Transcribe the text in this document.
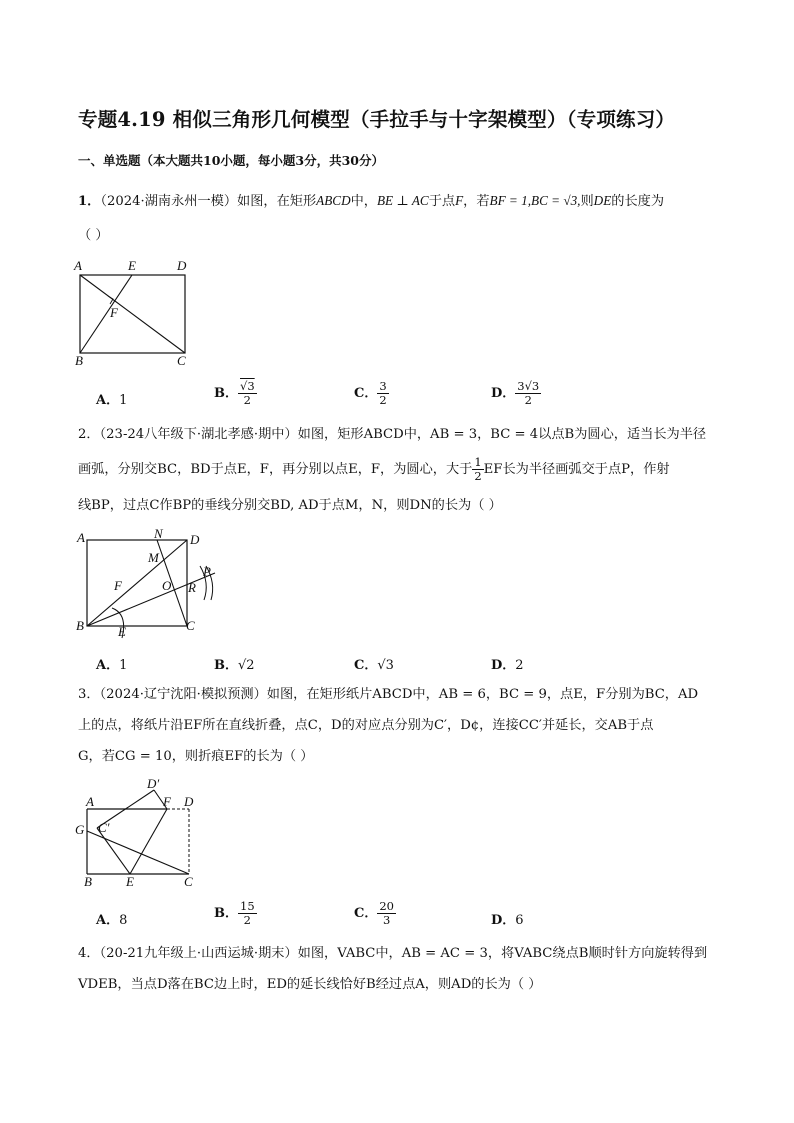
专题4.19 相似三角形几何模型（手拉手与十字架模型）（专项练习）
一、单选题（本大题共10小题，每小题3分，共30分）
1．（2024·湖南永州一模）如图，在矩形ABCD中，BE ⊥ AC于点F，若BF = 1,BC = √3,则DE的长度为
（ ）
A	E	D
F
B	C
A．1	B． $\frac{√3}{2}$	C． $\frac{3}{2}$	D． $\frac{3√3}{2}$
2．（23-24八年级下·湖北孝感·期中）如图，矩形ABCD中，AB = 3，BC = 4以点B为圆心，适当长为半径
画弧，分别交BC，BD于点E，F，再分别以点E，F，为圆心，大于 $\frac{1}{2}$ EF长为半径画弧交于点P，作射
线BP，过点C作BP的垂线分别交BD, AD于点M，N，则DN的长为（ ）
A	N D
M
F	O
P
R
B	E	C
A．1	B．√2	C．√3	D．2
3．（2024·辽宁沈阳·模拟预测）如图，在矩形纸片ABCD中，AB = 6，BC = 9，点E，F分别为BC，AD
上的点，将纸片沿EF所在直线折叠，点C，D的对应点分别为C′，D¢，连接CC′并延长，交AB于点
G，若CG = 10，则折痕EF的长为（ ）
D′
A	F D
G C′
B	E	C
A．8	B． $\frac{15}{2}$	C． $\frac{20}{3}$	D．6
4．（20-21九年级上·山西运城·期末）如图，VABC中，AB = AC = 3，将VABC绕点B顺时针方向旋转得到
VDEB，当点D落在BC边上时，ED的延长线恰好B经过点A，则AD的长为（ ）
